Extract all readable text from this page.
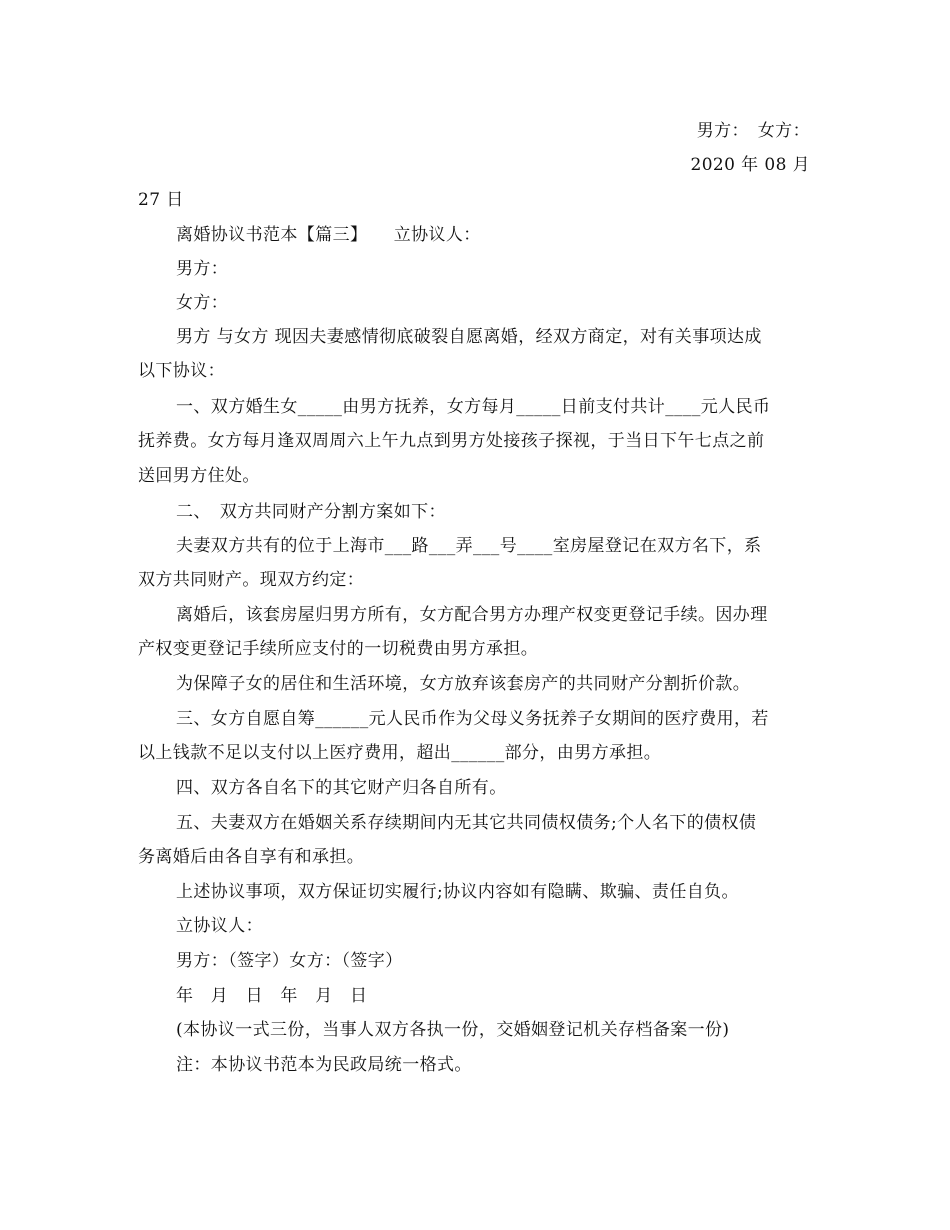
男方：　女方：
2020 年 08 月
27 日
离婚协议书范本【篇三】　　立协议人：
男方：
女方：
男方 与女方 现因夫妻感情彻底破裂自愿离婚，经双方商定，对有关事项达成
以下协议：
一、双方婚生女_____由男方抚养，女方每月_____日前支付共计____元人民币
抚养费。女方每月逢双周周六上午九点到男方处接孩子探视，于当日下午七点之前
送回男方住处。
二、　双方共同财产分割方案如下：
夫妻双方共有的位于上海市___路___弄___号____室房屋登记在双方名下，系
双方共同财产。现双方约定：
离婚后，该套房屋归男方所有，女方配合男方办理产权变更登记手续。因办理
产权变更登记手续所应支付的一切税费由男方承担。
为保障子女的居住和生活环境，女方放弃该套房产的共同财产分割折价款。
三、女方自愿自筹______元人民币作为父母义务抚养子女期间的医疗费用，若
以上钱款不足以支付以上医疗费用，超出______部分，由男方承担。
四、双方各自名下的其它财产归各自所有。
五、夫妻双方在婚姻关系存续期间内无其它共同债权债务;个人名下的债权债
务离婚后由各自享有和承担。
上述协议事项，双方保证切实履行;协议内容如有隐瞒、欺骗、责任自负。
立协议人：
男方：（签字）女方：（签字）
年　月　日　年　月　日
(本协议一式三份，当事人双方各执一份，交婚姻登记机关存档备案一份)
注：本协议书范本为民政局统一格式。
